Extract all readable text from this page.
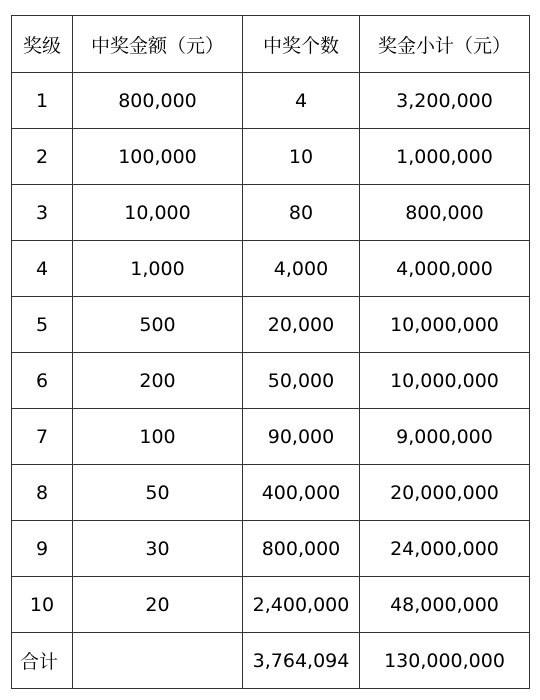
奖级	中奖金额（元）	中奖个数	奖金小计（元）
1	800,000	4	3,200,000
2	100,000	10	1,000,000
3	10,000	80	800,000
4	1,000	4,000	4,000,000
5	500	20,000	10,000,000
6	200	50,000	10,000,000
7	100	90,000	9,000,000
8	50	400,000	20,000,000
9	30	800,000	24,000,000
10	20	2,400,000	48,000,000
合计		3,764,094	130,000,000
